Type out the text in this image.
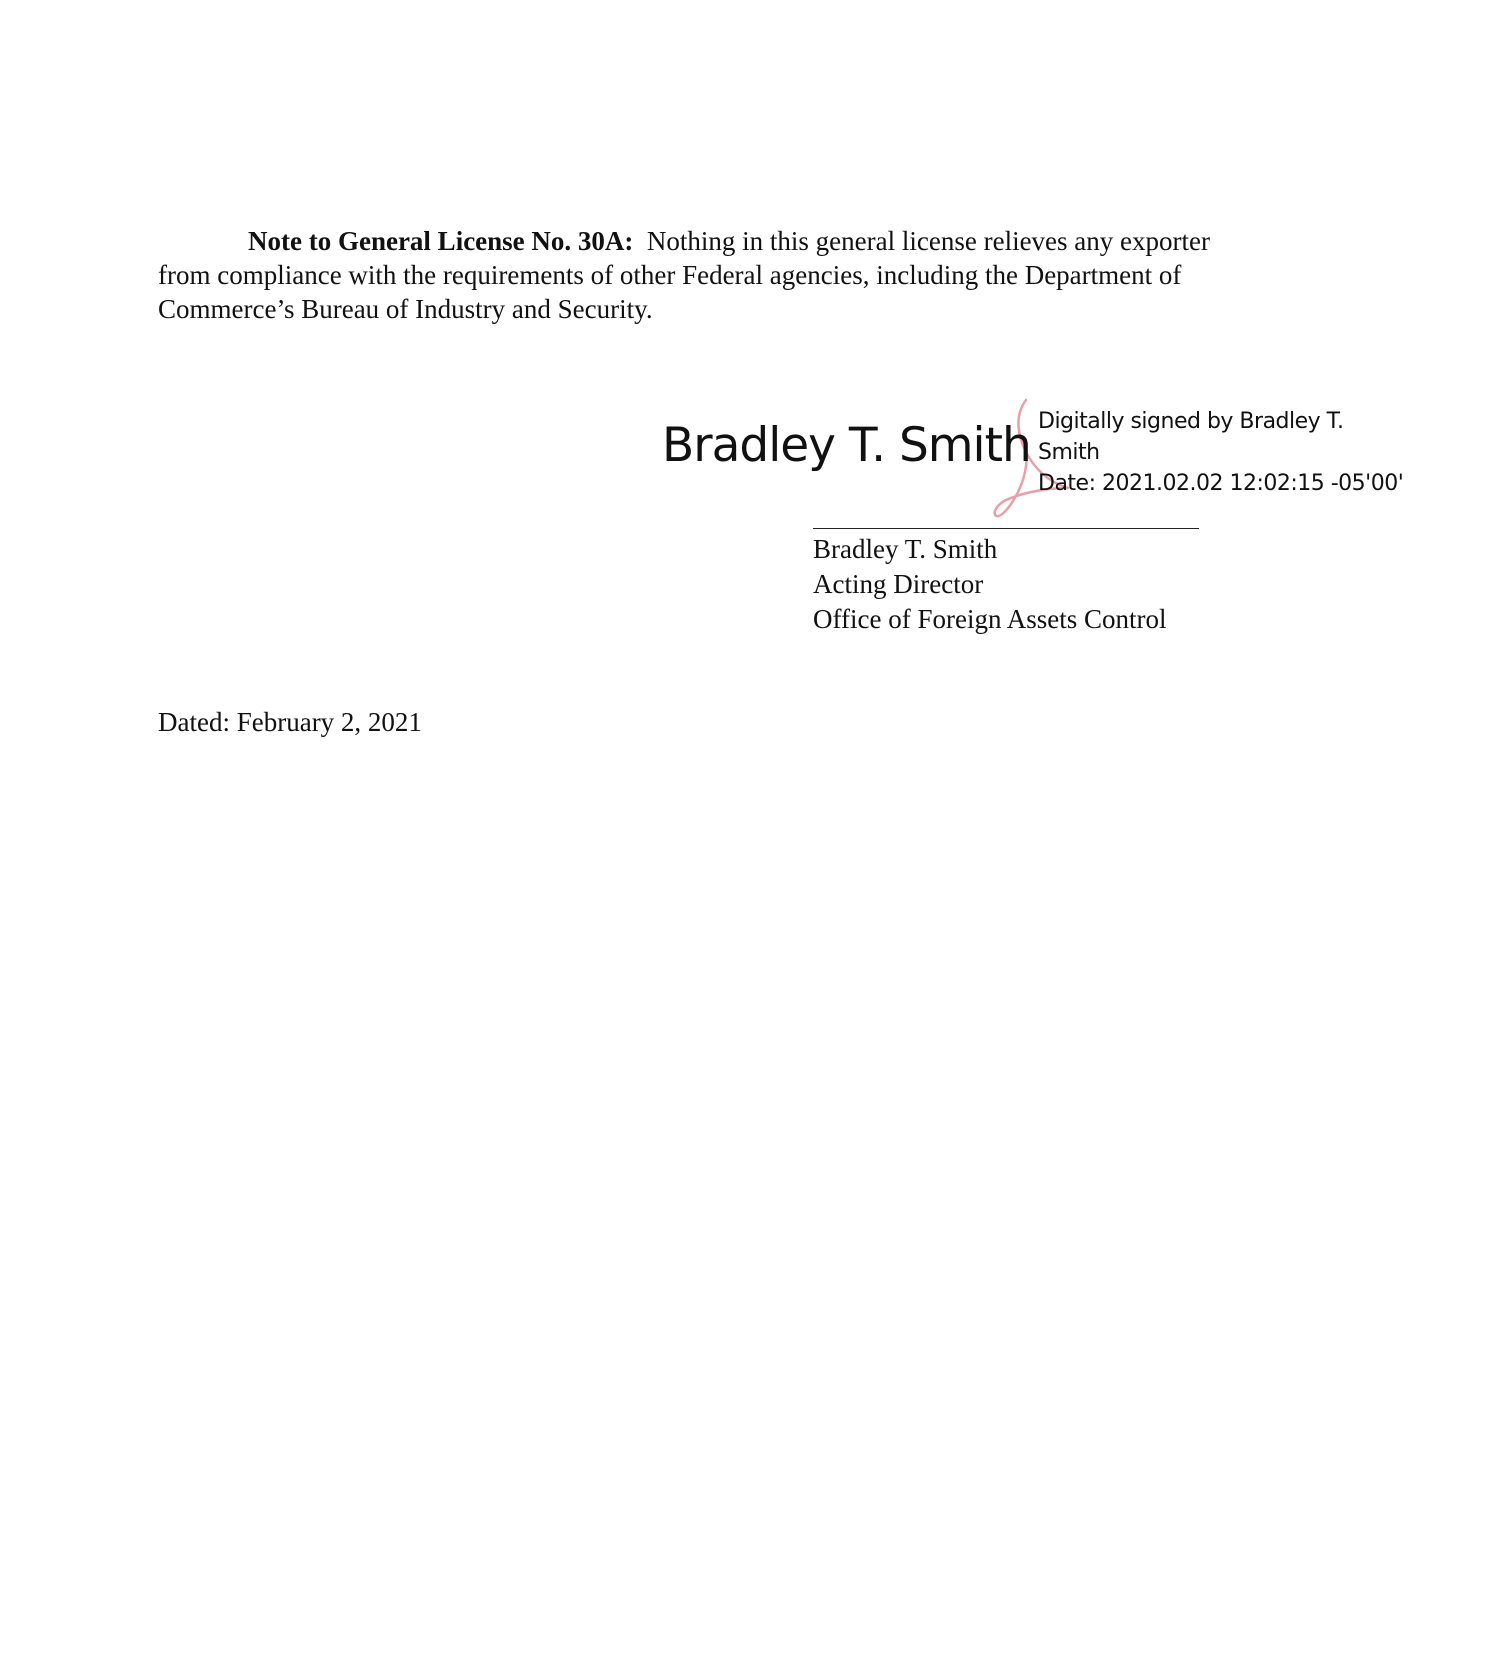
Note to General License No. 30A: Nothing in this general license relieves any exporter
from compliance with the requirements of other Federal agencies, including the Department of
Commerce’s Bureau of Industry and Security.

Bradley T. Smith Digitally signed by Bradley T.
Smith
Date: 2021.02.02 12:02:15 -05'00'
Bradley T. Smith
Acting Director
Office of Foreign Assets Control
Dated: February 2, 2021
